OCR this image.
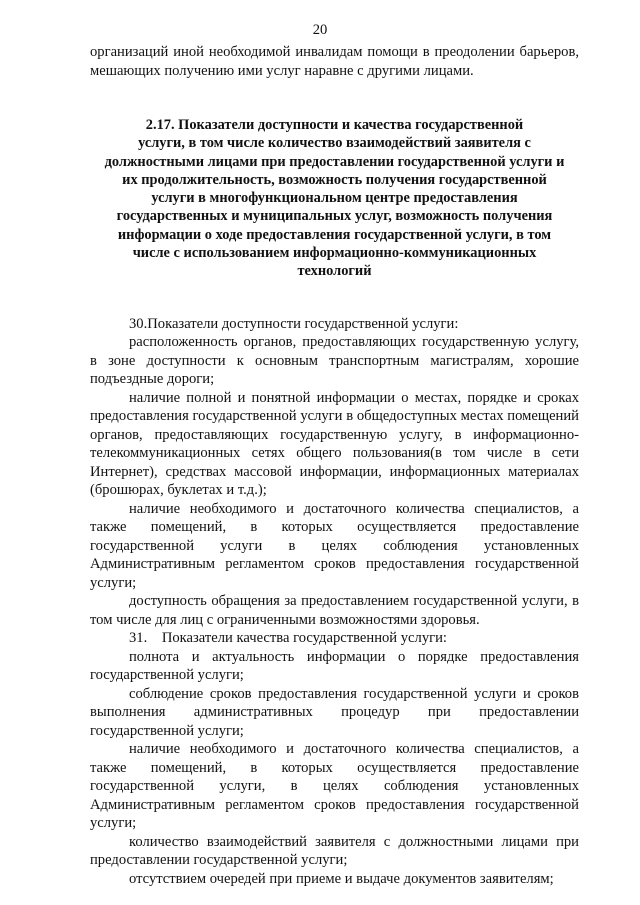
20

организаций иной необходимой инвалидам помощи в преодолении барьеров, мешающих получению ими услуг наравне с другими лицами.

2.17. Показатели доступности и качества государственной
услуги, в том числе количество взаимодействий заявителя с
должностными лицами при предоставлении государственной услуги и
их продолжительность, возможность получения государственной
услуги в многофункциональном центре предоставления
государственных и муниципальных услуг, возможность получения
информации о ходе предоставления государственной услуги, в том
числе с использованием информационно-коммуникационных
технологий

30.Показатели доступности государственной услуги:

расположенность органов, предоставляющих государственную услугу, в зоне доступности к основным транспортным магистралям, хорошие подъездные дороги;

наличие полной и понятной информации о местах, порядке и сроках предоставления государственной услуги в общедоступных местах помещений органов, предоставляющих государственную услугу, в информационно-телекоммуникационных сетях общего пользования(в том числе в сети Интернет), средствах массовой информации, информационных материалах (брошюрах, буклетах и т.д.);

наличие необходимого и достаточного количества специалистов, а также помещений, в которых осуществляется предоставление государственной услуги в целях соблюдения установленных Административным регламентом сроков предоставления государственной услуги;

доступность обращения за предоставлением государственной услуги, в том числе для лиц с ограниченными возможностями здоровья.

31.    Показатели качества государственной услуги:

полнота и актуальность информации о порядке предоставления государственной услуги;

соблюдение сроков предоставления государственной услуги и сроков выполнения административных процедур при предоставлении государственной услуги;

наличие необходимого и достаточного количества специалистов, а также помещений, в которых осуществляется предоставление государственной услуги, в целях соблюдения установленных Административным регламентом сроков предоставления государственной услуги;

количество взаимодействий заявителя с должностными лицами при предоставлении государственной услуги;

отсутствием очередей при приеме и выдаче документов заявителям;
